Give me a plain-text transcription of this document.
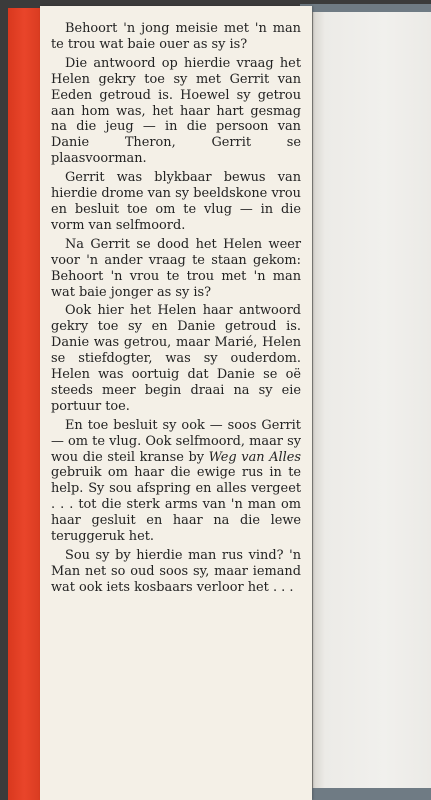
Behoort 'n jong meisie met 'n man te trou wat baie ouer as sy is?

Die antwoord op hierdie vraag het Helen gekry toe sy met Gerrit van Eeden getroud is. Hoewel sy getrou aan hom was, het haar hart gesmag na die jeug — in die persoon van Danie Theron, Gerrit se plaasvoorman.

Gerrit was blykbaar bewus van hierdie drome van sy beeldskone vrou en besluit toe om te vlug — in die vorm van selfmoord.

Na Gerrit se dood het Helen weer voor 'n ander vraag te staan gekom: Behoort 'n vrou te trou met 'n man wat baie jonger as sy is?

Ook hier het Helen haar antwoord gekry toe sy en Danie getroud is. Danie was getrou, maar Marié, Helen se stiefdogter, was sy ouderdom. Helen was oortuig dat Danie se oë steeds meer begin draai na sy eie portuur toe.

En toe besluit sy ook — soos Gerrit — om te vlug. Ook selfmoord, maar sy wou die steil kranse by Weg van Alles gebruik om haar die ewige rus in te help. Sy sou afspring en alles vergeet . . . tot die sterk arms van 'n man om haar gesluit en haar na die lewe teruggeruk het.

Sou sy by hierdie man rus vind? 'n Man net so oud soos sy, maar iemand wat ook iets kosbaars verloor het . . .
